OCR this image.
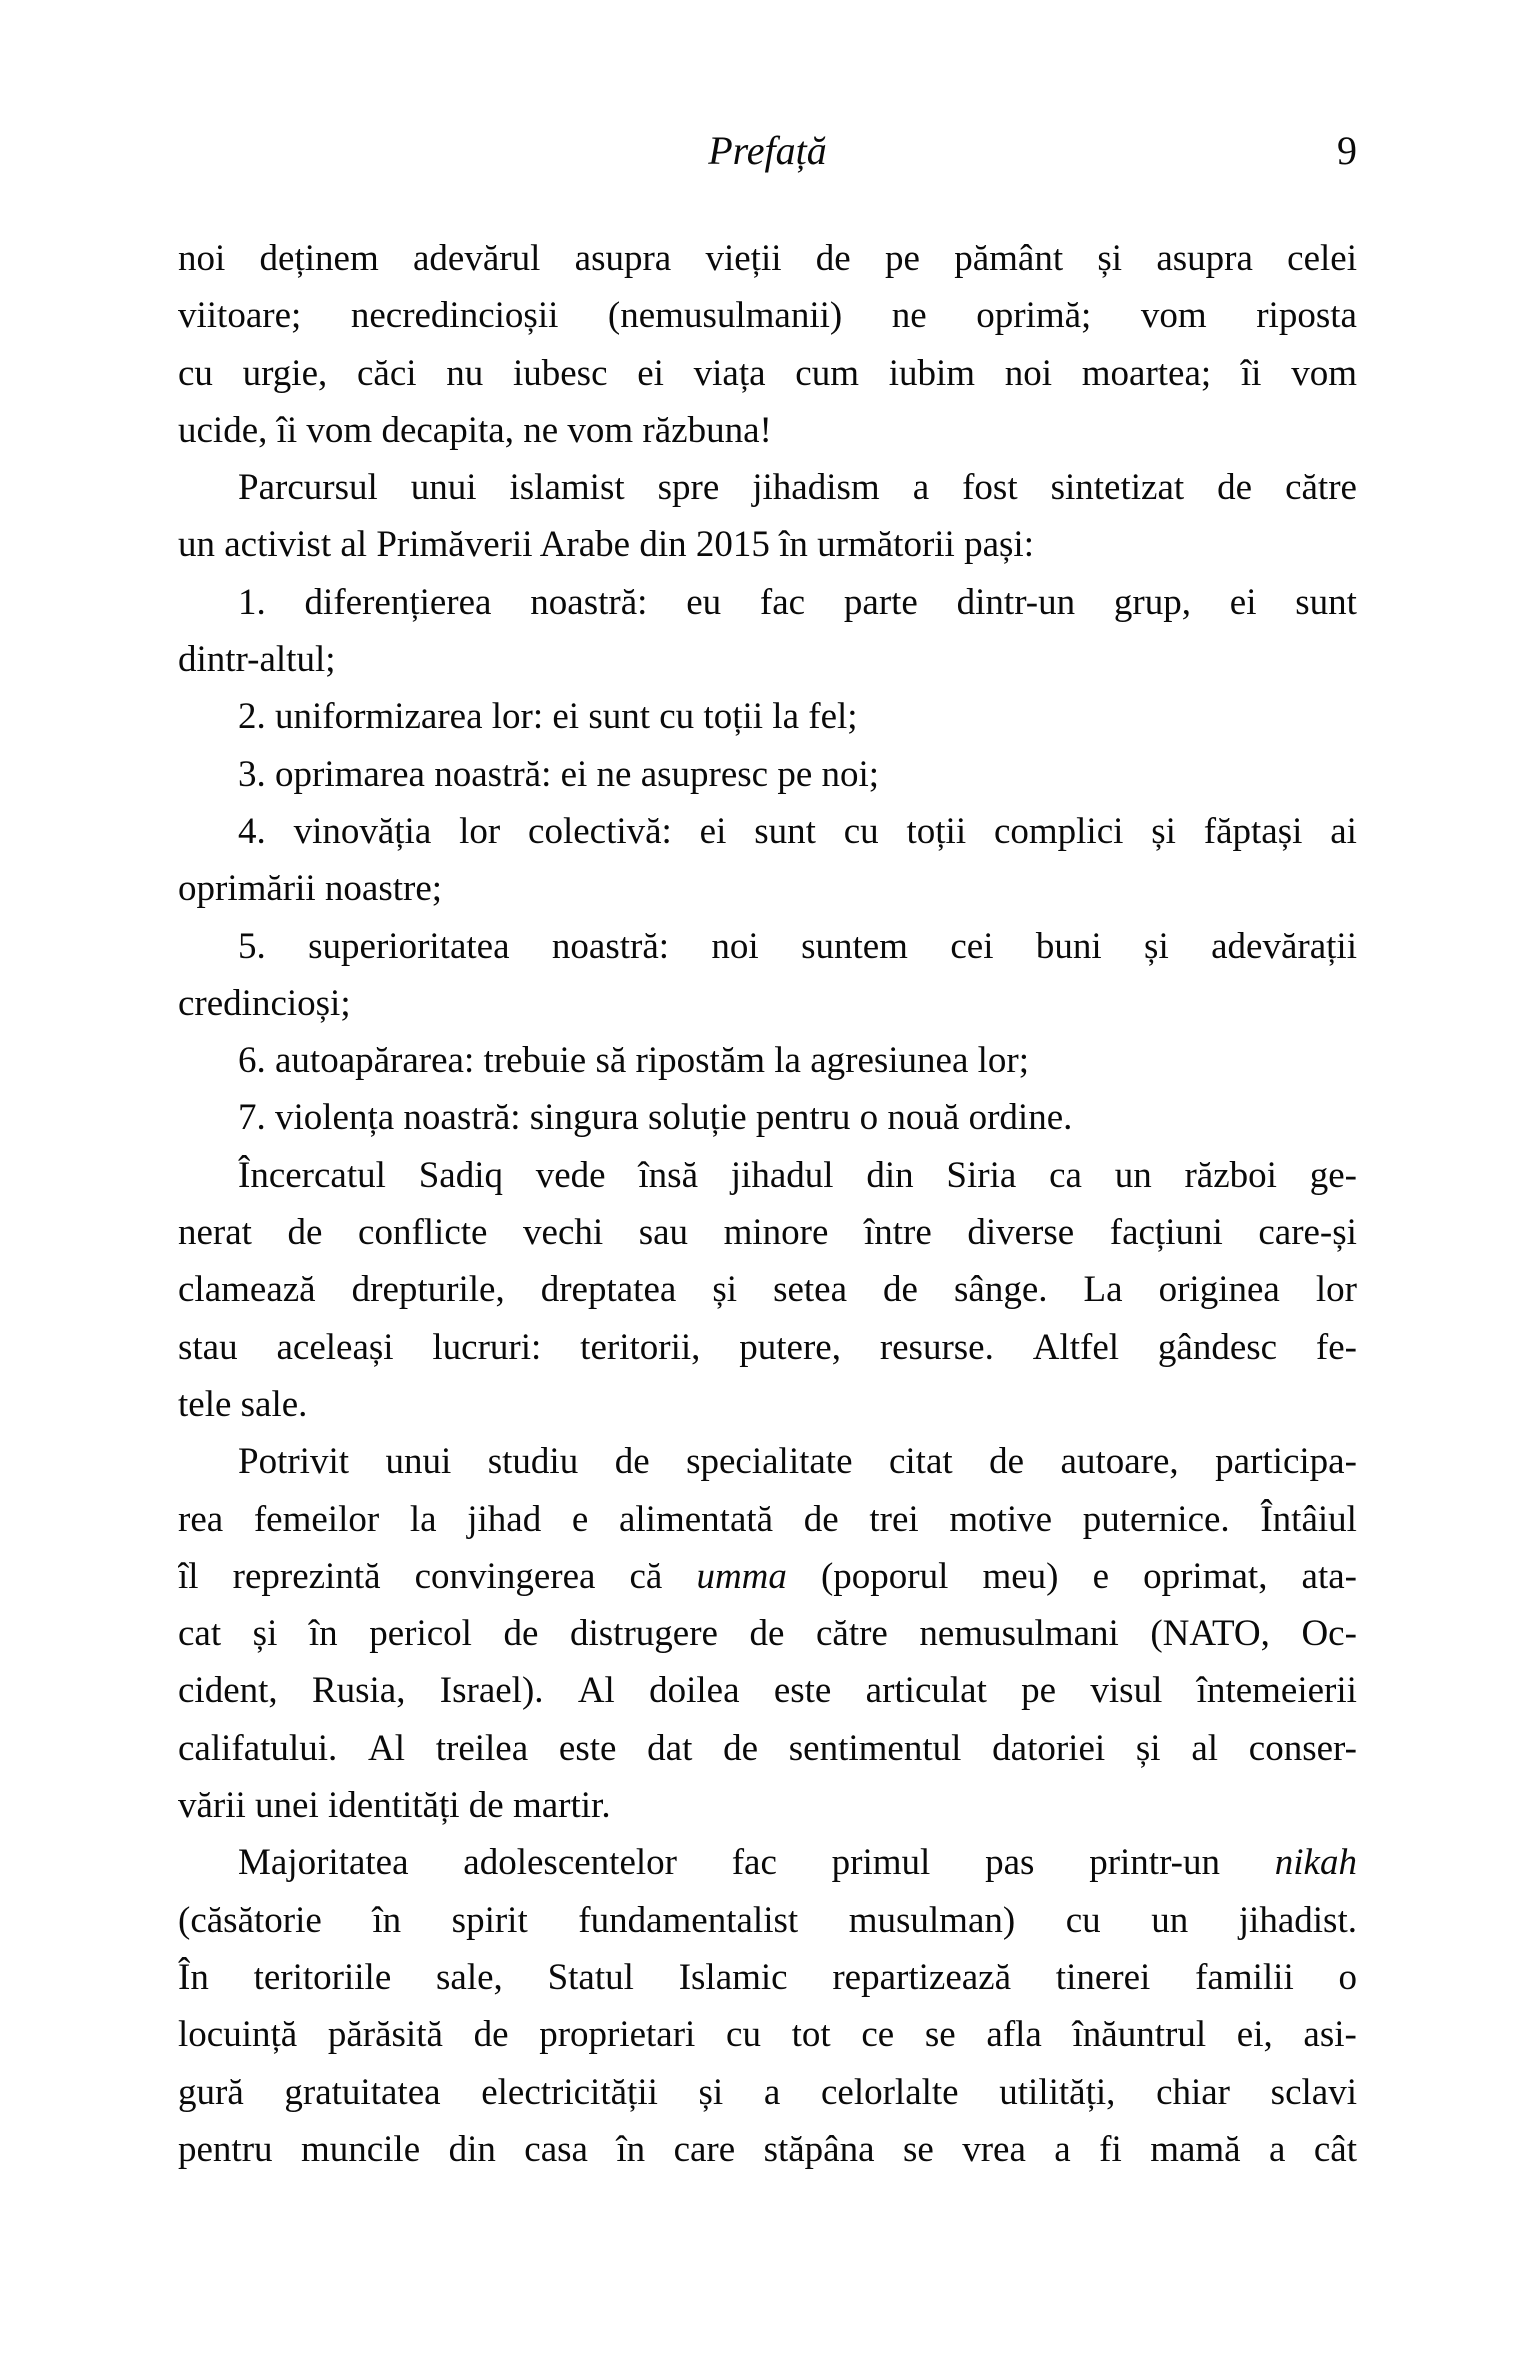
Prefață	9
noi deținem adevărul asupra vieții de pe pământ și asupra celei
viitoare; necredincioșii (nemusulmanii) ne oprimă; vom riposta
cu urgie, căci nu iubesc ei viața cum iubim noi moartea; îi vom
ucide, îi vom decapita, ne vom răzbuna!
Parcursul unui islamist spre jihadism a fost sintetizat de către
un activist al Primăverii Arabe din 2015 în următorii pași:
1. diferențierea noastră: eu fac parte dintr-un grup, ei sunt
dintr-altul;
2. uniformizarea lor: ei sunt cu toții la fel;
3. oprimarea noastră: ei ne asupresc pe noi;
4. vinovăția lor colectivă: ei sunt cu toții complici și făptași ai
oprimării noastre;
5. superioritatea noastră: noi suntem cei buni și adevărații
credincioși;
6. autoapărarea: trebuie să ripostăm la agresiunea lor;
7. violența noastră: singura soluție pentru o nouă ordine.
Încercatul Sadiq vede însă jihadul din Siria ca un război ge-
nerat de conflicte vechi sau minore între diverse facțiuni care-și
clamează drepturile, dreptatea și setea de sânge. La originea lor
stau aceleași lucruri: teritorii, putere, resurse. Altfel gândesc fe-
tele sale.
Potrivit unui studiu de specialitate citat de autoare, participa-
rea femeilor la jihad e alimentată de trei motive puternice. Întâiul
îl reprezintă convingerea că umma (poporul meu) e oprimat, ata-
cat și în pericol de distrugere de către nemusulmani (NATO, Oc-
cident, Rusia, Israel). Al doilea este articulat pe visul întemeierii
califatului. Al treilea este dat de sentimentul datoriei și al conser-
vării unei identități de martir.
Majoritatea adolescentelor fac primul pas printr-un nikah
(căsătorie în spirit fundamentalist musulman) cu un jihadist.
În teritoriile sale, Statul Islamic repartizează tinerei familii o
locuință părăsită de proprietari cu tot ce se afla înăuntrul ei, asi-
gură gratuitatea electricității și a celorlalte utilități, chiar sclavi
pentru muncile din casa în care stăpâna se vrea a fi mamă a cât
